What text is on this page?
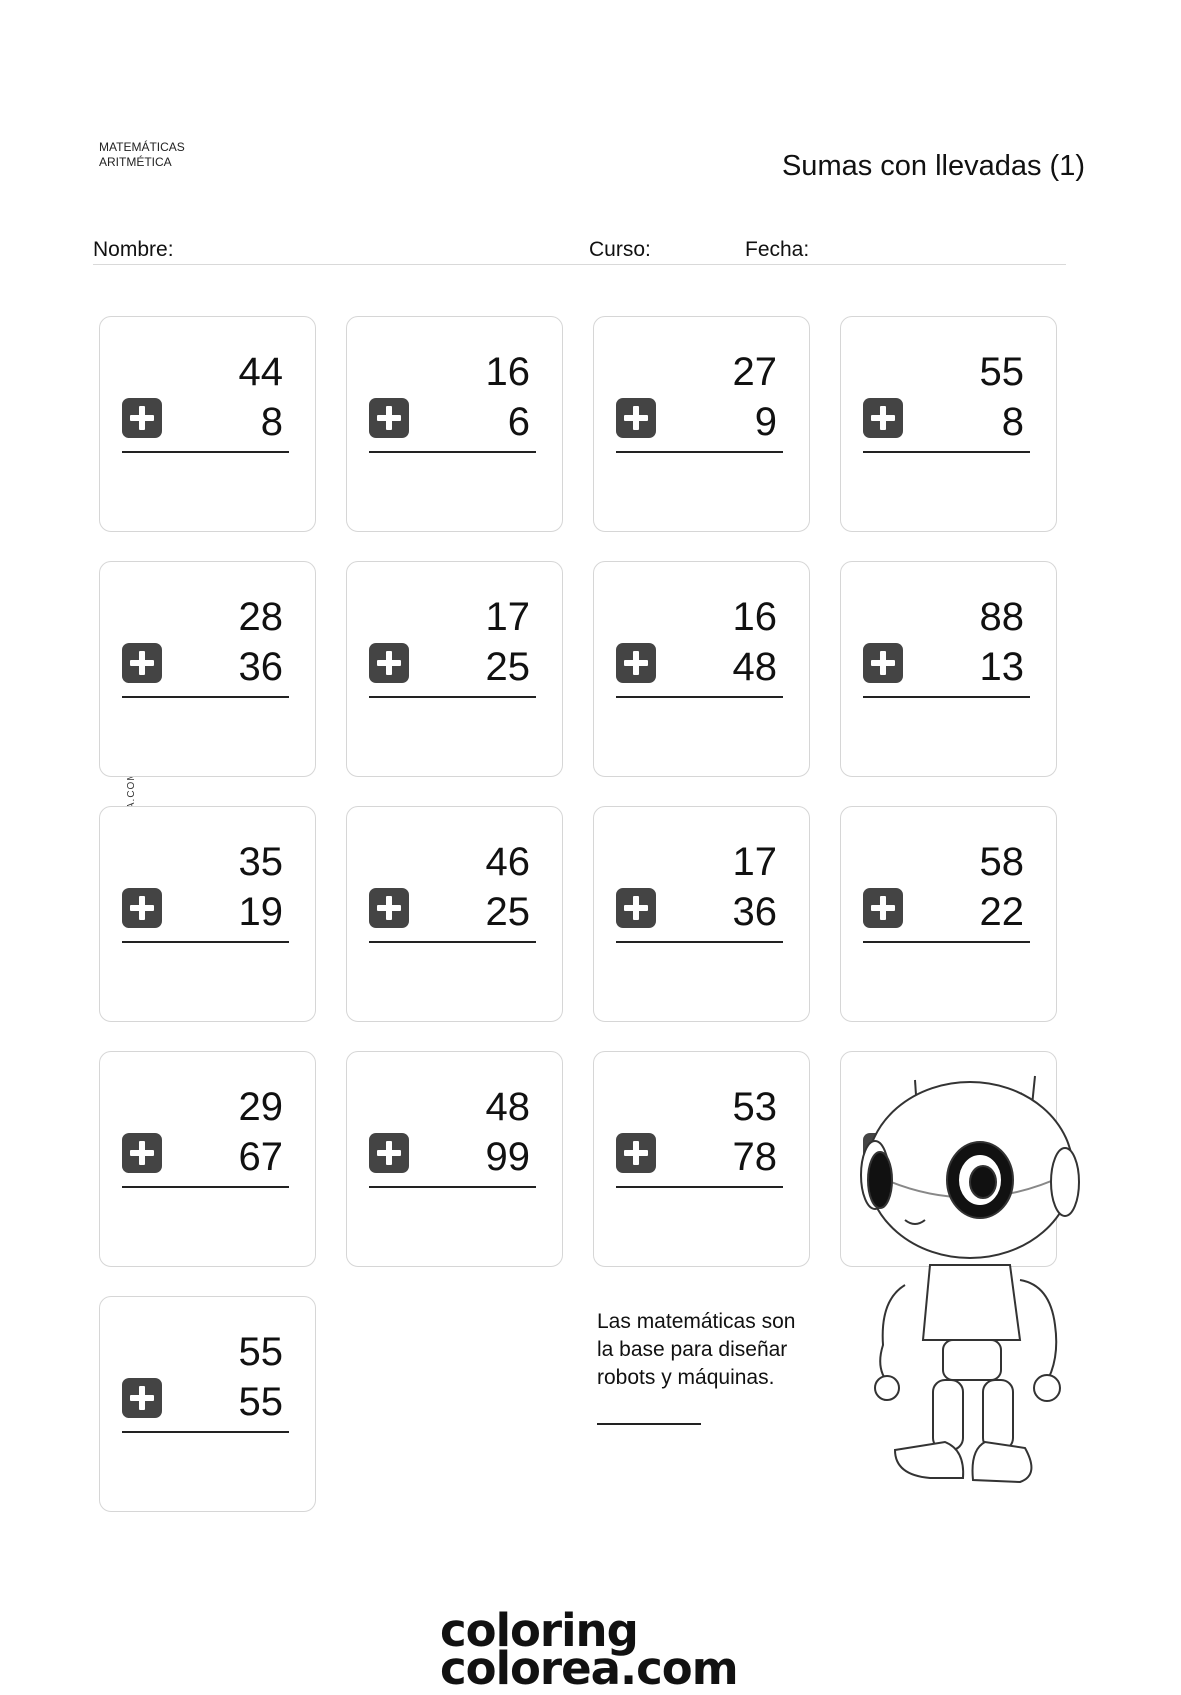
MATEMÁTICAS
ARITMÉTICA	Sumas con llevadas (1)
Nombre:	Curso:	Fecha:
44
8
16
6
27
9
55
8
28
36
17
25
16
48
88
13
35
19
46
25
17
36
58
22
29
67
48
99
53
78
55
55
Las matemáticas son la base para diseñar robots y máquinas.
coloring
colorea.com
